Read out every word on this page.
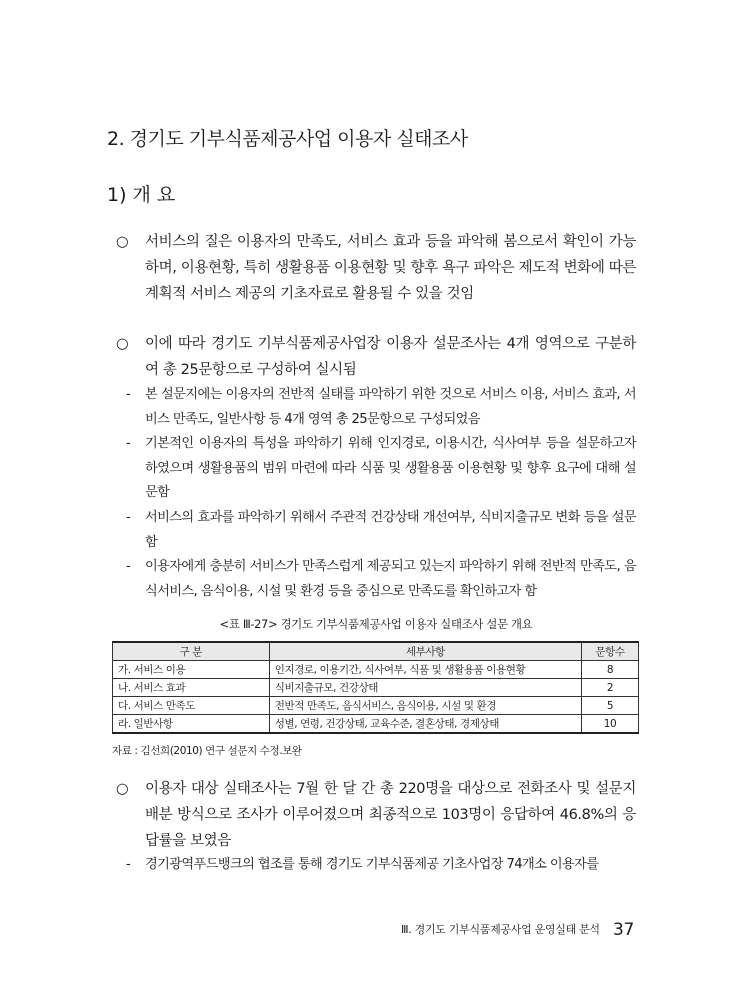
2. 경기도 기부식품제공사업 이용자 실태조사
1) 개 요
○	서비스의 질은 이용자의 만족도, 서비스 효과 등을 파악해 봄으로서 확인이 가능하며, 이용현황, 특히 생활용품 이용현황 및 향후 욕구 파악은 제도적 변화에 따른 계획적 서비스 제공의 기초자료로 활용될 수 있을 것임
○	이에 따라 경기도 기부식품제공사업장 이용자 설문조사는 4개 영역으로 구분하여 총 25문항으로 구성하여 실시됨
-	본 설문지에는 이용자의 전반적 실태를 파악하기 위한 것으로 서비스 이용, 서비스 효과, 서비스 만족도, 일반사항 등 4개 영역 총 25문항으로 구성되었음
-	기본적인 이용자의 특성을 파악하기 위해 인지경로, 이용시간, 식사여부 등을 설문하고자 하였으며 생활용품의 범위 마련에 따라 식품 및 생활용품 이용현황 및 향후 요구에 대해 설문함
-	서비스의 효과를 파악하기 위해서 주관적 건강상태 개선여부, 식비지출규모 변화 등을 설문함
-	이용자에게 충분히 서비스가 만족스럽게 제공되고 있는지 파악하기 위해 전반적 만족도, 음식서비스, 음식이용, 시설 및 환경 등을 중심으로 만족도를 확인하고자 함
<표 Ⅲ-27> 경기도 기부식품제공사업 이용자 실태조사 설문 개요
구 분	세부사항	문항수
가. 서비스 이용	인지경로, 이용기간, 식사여부, 식품 및 생활용품 이용현황	8
나. 서비스 효과	식비지출규모, 건강상태	2
다. 서비스 만족도	전반적 만족도, 음식서비스, 음식이용, 시설 및 환경	5
라. 일반사항	성별, 연령, 건강상태, 교육수준, 결혼상태, 경제상태	10
자료 : 김선희(2010) 연구 설문지 수정.보완
○	이용자 대상 실태조사는 7월 한 달 간 총 220명을 대상으로 전화조사 및 설문지 배분 방식으로 조사가 이루어졌으며 최종적으로 103명이 응답하여 46.8%의 응답률을 보였음
-	경기광역푸드뱅크의 협조를 통해 경기도 기부식품제공 기초사업장 74개소 이용자를
Ⅲ. 경기도 기부식품제공사업 운영실태 분석 37
